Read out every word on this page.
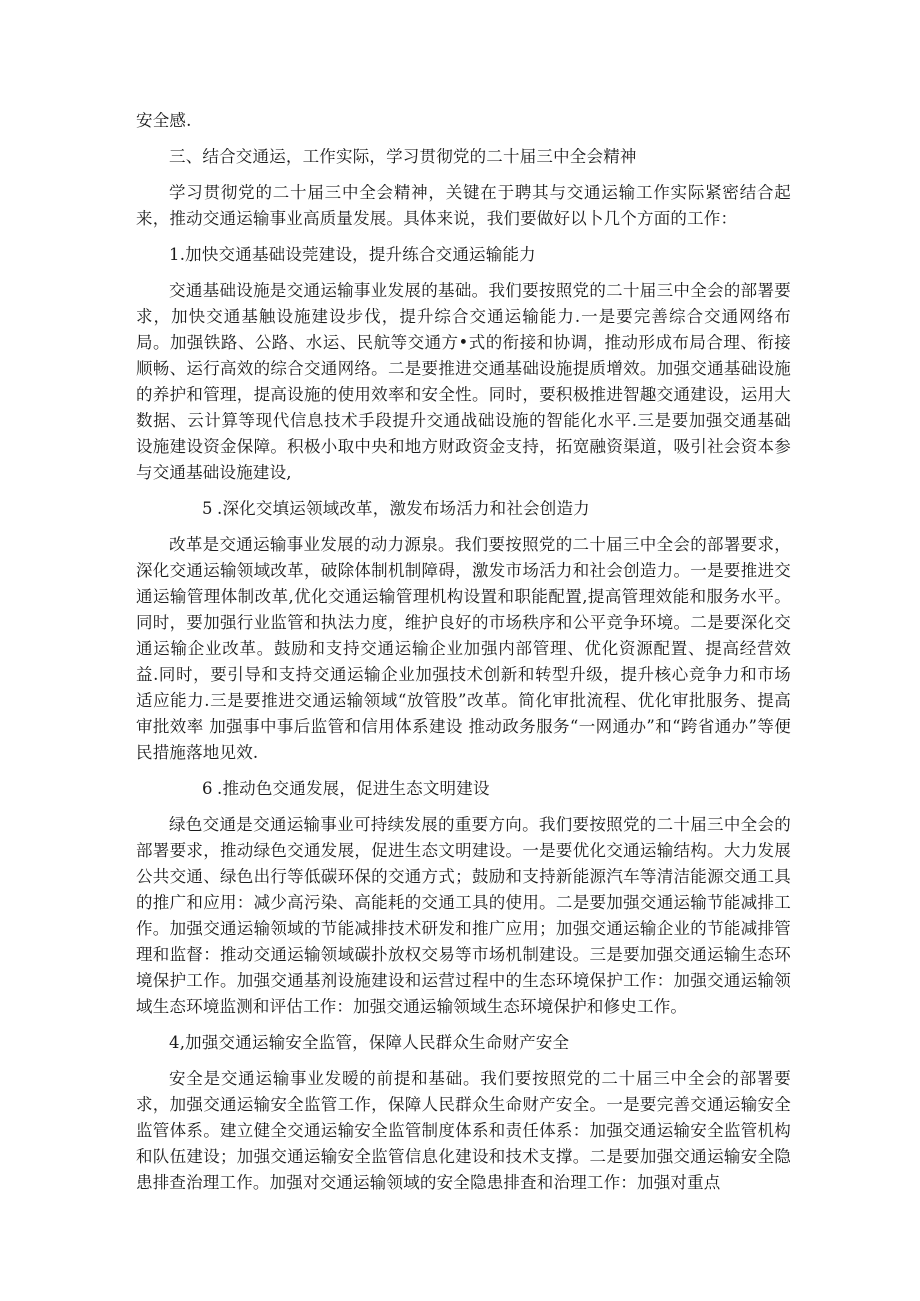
安全感.

三、结合交通运，工作实际，学习贯彻党的二十届三中全会精神

学习贯彻党的二十届三中全会精神，关键在于聘其与交通运输工作实际紧密结合起来，推动交通运输事业高质量发展。具体来说，我们要做好以卜几个方面的工作：

1.加快交通基础设莞建设，提升练合交通运输能力

交通基础设施是交通运输事业发展的基础。我们要按照党的二十届三中全会的部署要求，加快交通基触设施建设步伐，提升综合交通运输能力.一是要完善综合交通网络布局。加强铁路、公路、水运、民航等交通方•式的衔接和协调，推动形成布局合理、衔接顺畅、运行高效的综合交通网络。二是要推进交通基础设施提质增效。加强交通基础设施的养护和管理，提高设施的使用效率和安全性。同时，要积极推进智趣交通建设，运用大数据、云计算等现代信息技术手段提升交通战础设施的智能化水平.三是要加强交通基础设施建设资金保障。积极小取中央和地方财政资金支持，拓宽融资渠道，吸引社会资本参与交通基础设施建设,

5 .深化交填运领域改革，激发布场活力和社会创造力

改革是交通运输事业发展的动力源泉。我们要按照党的二十届三中全会的部署要求，深化交通运输领域改革，破除体制机制障碍，激发市场活力和社会创造力。一是要推进交通运输管理体制改革,优化交通运输管理机构设置和职能配置,提高管理效能和服务水平。同时，要加强行业监管和执法力度，维护良好的市场秩序和公平竞争环境。二是要深化交通运输企业改革。鼓励和支持交通运输企业加强内部管理、优化资源配置、提高经营效益.同时，要引导和支持交通运输企业加强技术创新和转型升级，提升核心竞争力和市场适应能力.三是要推进交通运输领域“放管股”改革。简化审批流程、优化审批服务、提高审批效率 加强事中事后监管和信用体系建设 推动政务服务“一网通办”和“跨省通办”等便民措施落地见效.

6 .推动色交通发展，促进生态文明建设

绿色交通是交通运输事业可持续发展的重要方向。我们要按照党的二十届三中全会的部署要求，推动绿色交通发展，促进生态文明建设。一是要优化交通运输结构。大力发展公共交通、绿色出行等低碳环保的交通方式；鼓励和支持新能源汽车等清洁能源交通工具的推广和应用：减少高污染、高能耗的交通工具的使用。二是要加强交通运输节能减排工作。加强交通运输领域的节能减排技术研发和推广应用；加强交通运输企业的节能减排管理和监督：推动交通运输领域碳扑放权交易等市场机制建设。三是要加强交通运输生态环境保护工作。加强交通基剂设施建设和运营过程中的生态环境保护工作：加强交通运输领域生态环境监测和评估工作：加强交通运输领域生态环境保护和修史工作。

4,加强交通运输安全监管，保障人民群众生命财产安全

安全是交通运输事业发暧的前提和基础。我们要按照党的二十届三中全会的部署要求，加强交通运输安全监管工作，保障人民群众生命财产安全。一是要完善交通运输安全监管体系。建立健全交通运输安全监管制度体系和责任体系：加强交通运输安全监管机构和队伍建设；加强交通运输安全监管信息化建设和技术支撑。二是要加强交通运输安全隐患排查治理工作。加强对交通运输领域的安全隐患排査和治理工作：加强对重点
